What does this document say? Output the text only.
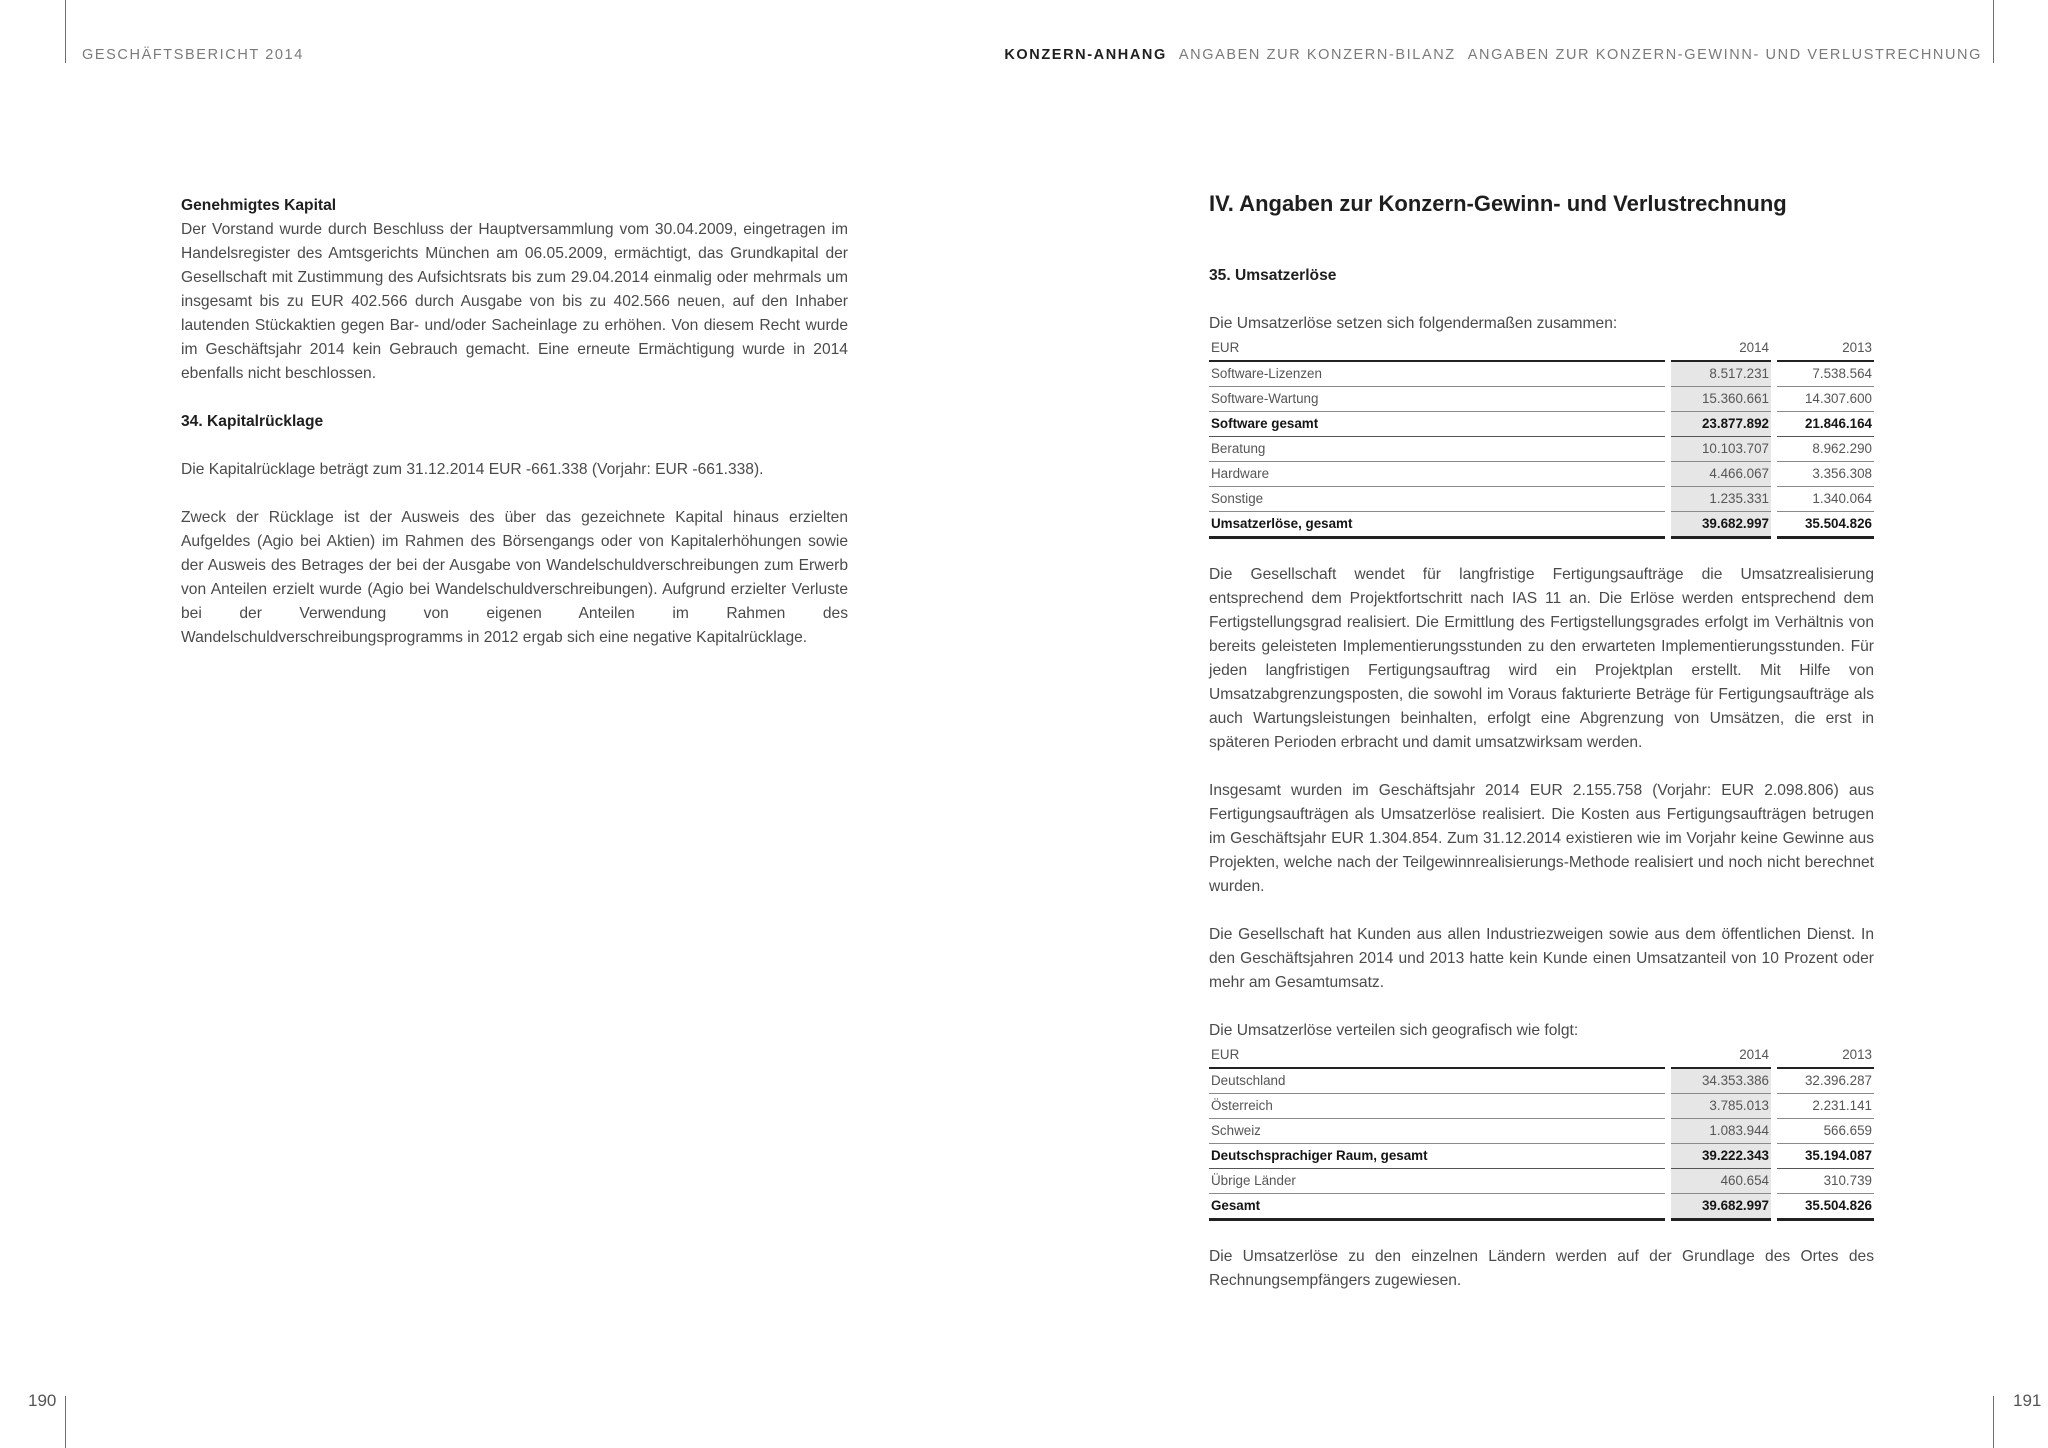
GESCHÄFTSBERICHT 2014	KONZERN-ANHANG ANGABEN ZUR KONZERN-BILANZ ANGABEN ZUR KONZERN-GEWINN- UND VERLUSTRECHNUNG
190	191
Genehmigtes Kapital

Der Vorstand wurde durch Beschluss der Hauptversammlung vom 30.04.2009, eingetragen im Handelsregister des Amtsgerichts München am 06.05.2009, ermächtigt, das Grundkapital der Gesellschaft mit Zustimmung des Aufsichtsrats bis zum 29.04.2014 einmalig oder mehrmals um insgesamt bis zu EUR 402.566 durch Ausgabe von bis zu 402.566 neuen, auf den Inhaber lautenden Stückaktien gegen Bar- und/oder Sacheinlage zu erhöhen. Von diesem Recht wurde im Geschäftsjahr 2014 kein Gebrauch gemacht. Eine erneute Ermächtigung wurde in 2014 ebenfalls nicht beschlossen.

34. Kapitalrücklage

Die Kapitalrücklage beträgt zum 31.12.2014 EUR -661.338 (Vorjahr: EUR -661.338).

Zweck der Rücklage ist der Ausweis des über das gezeichnete Kapital hinaus erzielten Aufgeldes (Agio bei Aktien) im Rahmen des Börsengangs oder von Kapitalerhöhungen sowie der Ausweis des Betrages der bei der Ausgabe von Wandelschuldverschreibungen zum Erwerb von Anteilen erzielt wurde (Agio bei Wandelschuldverschreibungen). Aufgrund erzielter Verluste bei der Verwendung von eigenen Anteilen im Rahmen des Wandelschuldverschreibungsprogramms in 2012 ergab sich eine negative Kapitalrücklage.

IV. Angaben zur Konzern-Gewinn- und Verlustrechnung
35. Umsatzerlöse

Die Umsatzerlöse setzen sich folgendermaßen zusammen:

EUR	2014	2013
Software-Lizenzen	8.517.231	7.538.564
Software-Wartung	15.360.661	14.307.600
Software gesamt	23.877.892	21.846.164
Beratung	10.103.707	8.962.290
Hardware	4.466.067	3.356.308
Sonstige	1.235.331	1.340.064
Umsatzerlöse, gesamt	39.682.997	35.504.826

Die Gesellschaft wendet für langfristige Fertigungsaufträge die Umsatzrealisierung entsprechend dem Projektfortschritt nach IAS 11 an. Die Erlöse werden entsprechend dem Fertigstellungsgrad realisiert. Die Ermittlung des Fertigstellungsgrades erfolgt im Verhältnis von bereits geleisteten Implementierungsstunden zu den erwarteten Implementierungsstunden. Für jeden langfristigen Fertigungsauftrag wird ein Projektplan erstellt. Mit Hilfe von Umsatzabgrenzungsposten, die sowohl im Voraus fakturierte Beträge für Fertigungsaufträge als auch Wartungsleistungen beinhalten, erfolgt eine Abgrenzung von Umsätzen, die erst in späteren Perioden erbracht und damit umsatzwirksam werden.

Insgesamt wurden im Geschäftsjahr 2014 EUR 2.155.758 (Vorjahr: EUR 2.098.806) aus Fertigungsaufträgen als Umsatzerlöse realisiert. Die Kosten aus Fertigungsaufträgen betrugen im Geschäftsjahr EUR 1.304.854. Zum 31.12.2014 existieren wie im Vorjahr keine Gewinne aus Projekten, welche nach der Teilgewinnrealisierungs-Methode realisiert und noch nicht berechnet wurden.

Die Gesellschaft hat Kunden aus allen Industriezweigen sowie aus dem öffentlichen Dienst. In den Geschäftsjahren 2014 und 2013 hatte kein Kunde einen Umsatzanteil von 10 Prozent oder mehr am Gesamtumsatz.

Die Umsatzerlöse verteilen sich geografisch wie folgt:

EUR	2014	2013
Deutschland	34.353.386	32.396.287
Österreich	3.785.013	2.231.141
Schweiz	1.083.944	566.659
Deutschsprachiger Raum, gesamt	39.222.343	35.194.087
Übrige Länder	460.654	310.739
Gesamt	39.682.997	35.504.826

Die Umsatzerlöse zu den einzelnen Ländern werden auf der Grundlage des Ortes des Rechnungsempfängers zugewiesen.
